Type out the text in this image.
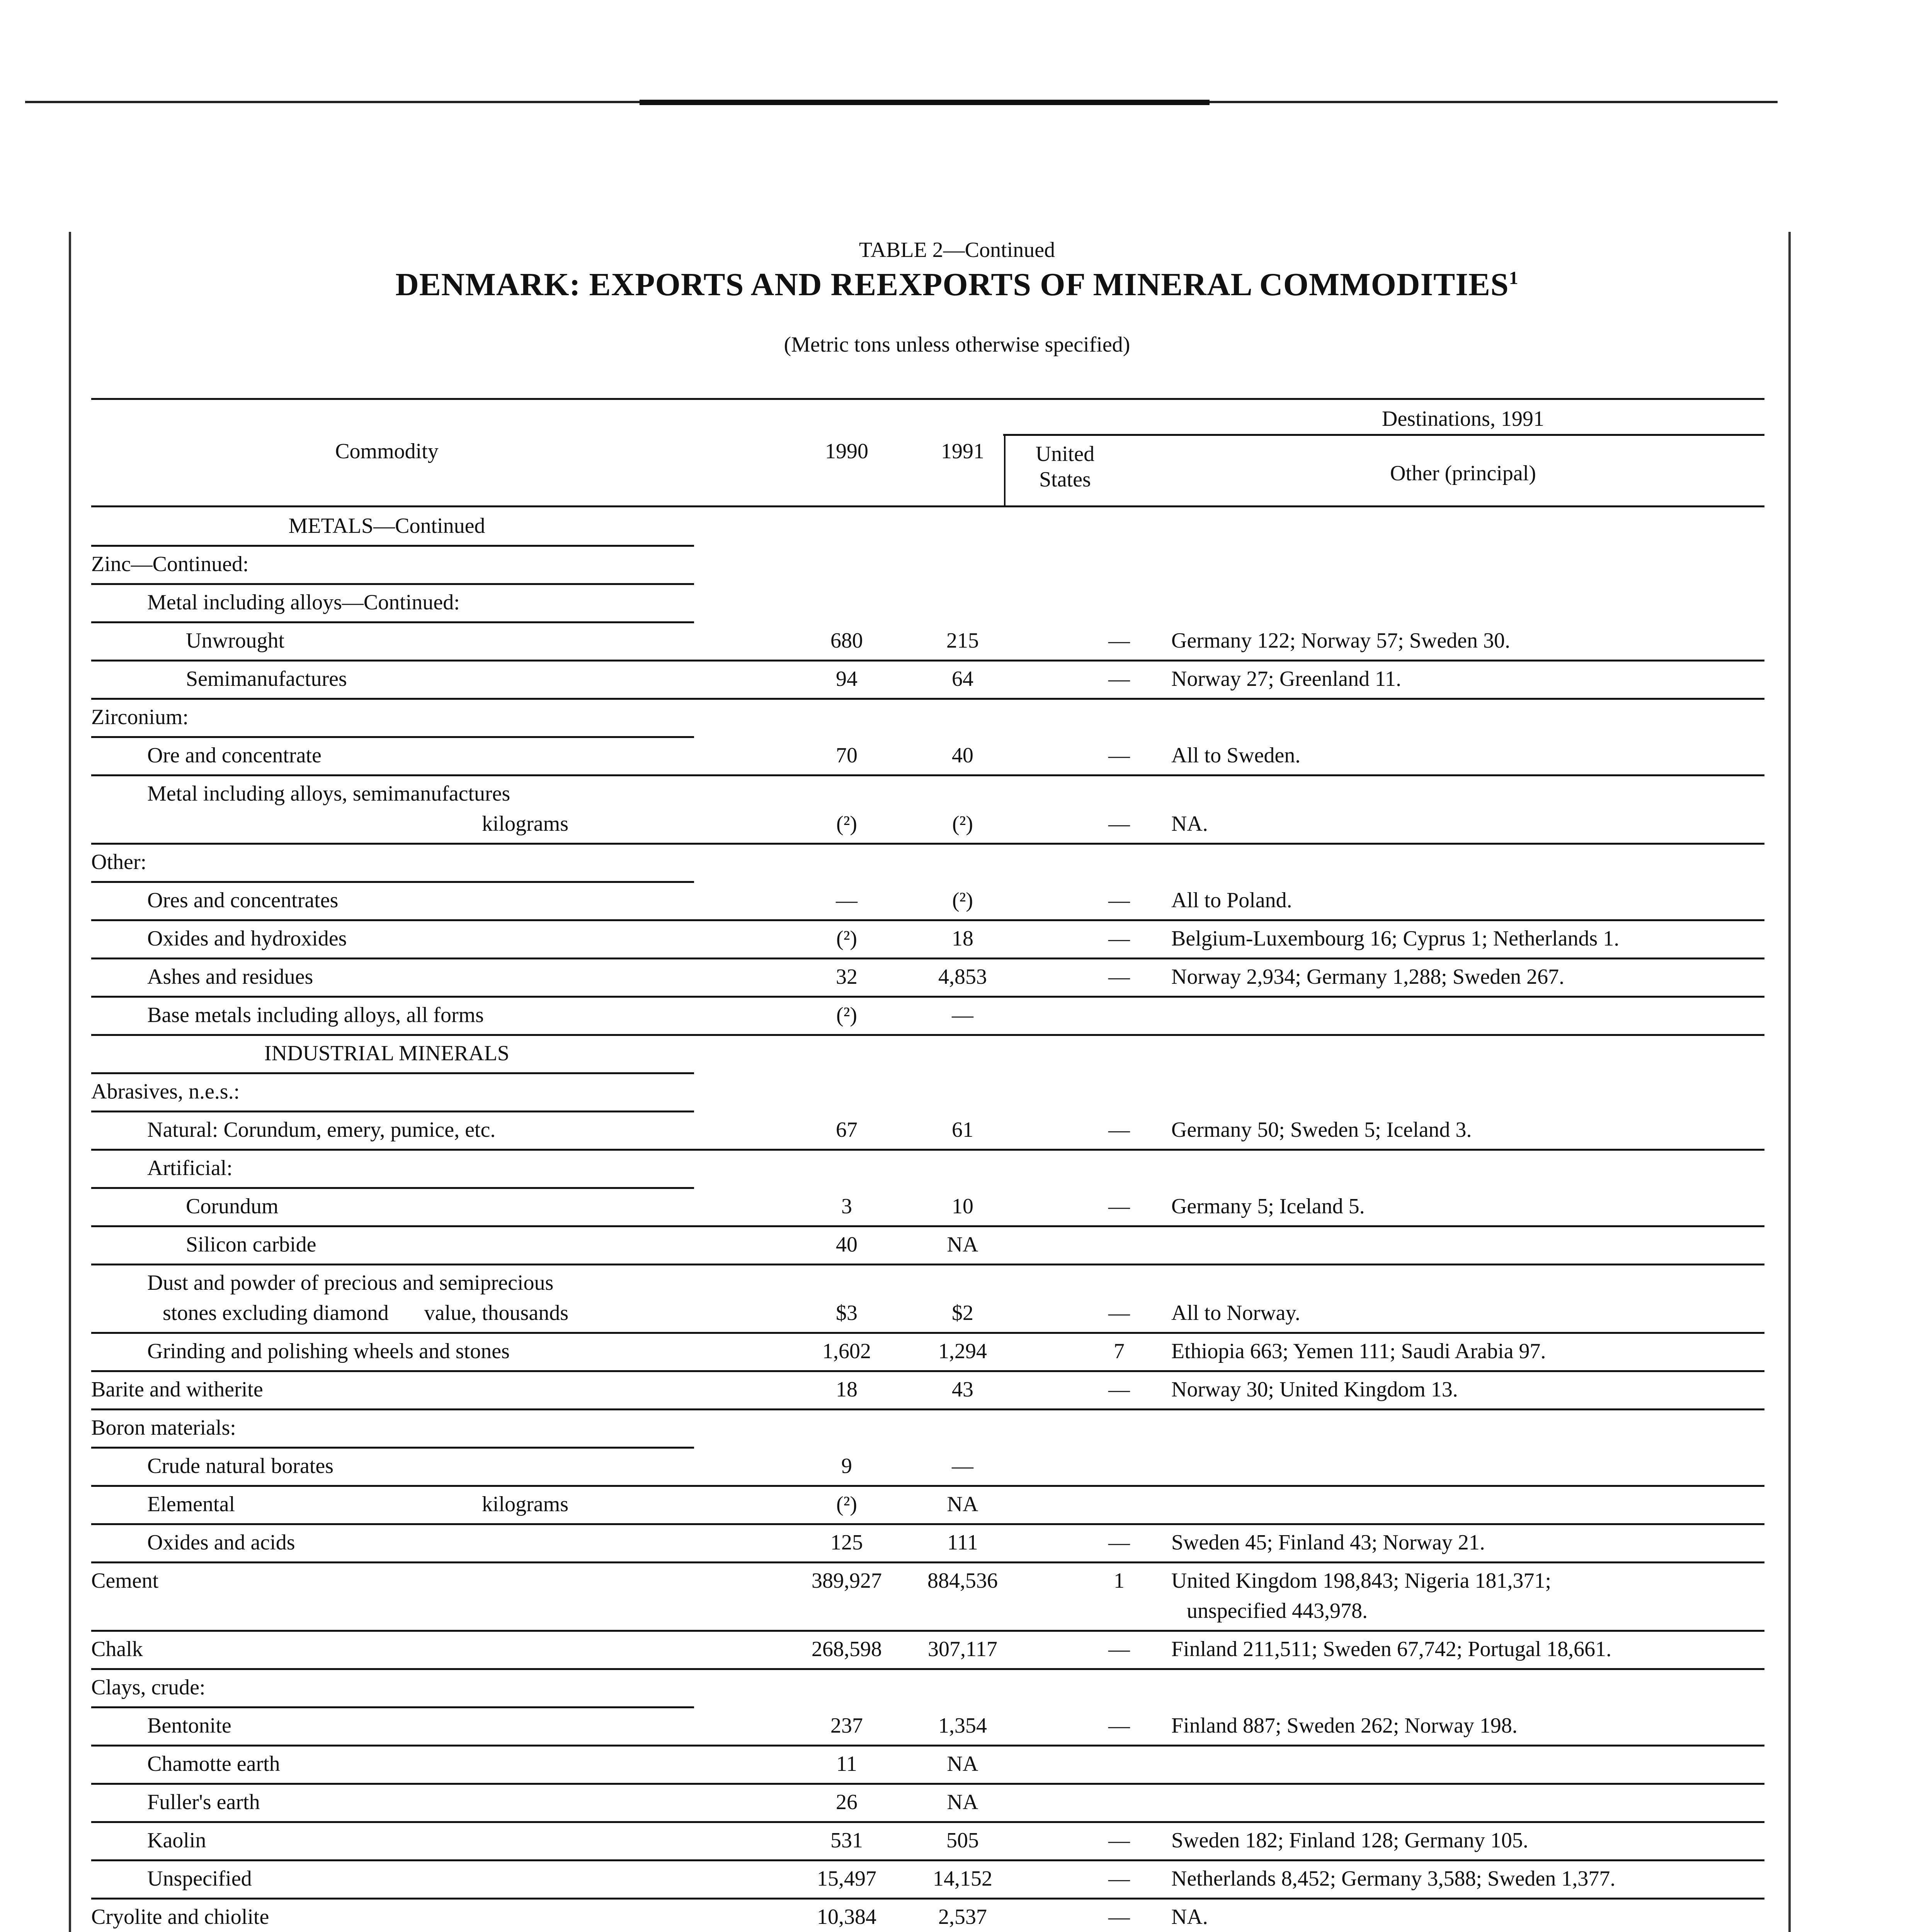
TABLE 2—Continued
DENMARK: EXPORTS AND REEXPORTS OF MINERAL COMMODITIES$^1$
(Metric tons unless otherwise specified)
Commodity	1990	1991
Destinations, 1991
United
States	Other (principal)
METALS—Continued
Zinc—Continued:
Metal including alloys—Continued:
Unwrought	680	215	—	Germany 122; Norway 57; Sweden 30.
Semimanufactures	94	64	—	Norway 27; Greenland 11.
Zirconium:
Ore and concentrate	70	40	—	All to Sweden.
Metal including alloys, semimanufactures
kilograms	(²)	(²)	—	NA.
Other:
Ores and concentrates	—	(²)	—	All to Poland.
Oxides and hydroxides	(²)	18	—	Belgium-Luxembourg 16; Cyprus 1; Netherlands 1.
Ashes and residues	32	4,853	—	Norway 2,934; Germany 1,288; Sweden 267.
Base metals including alloys, all forms	(²)	—
INDUSTRIAL MINERALS
Abrasives, n.e.s.:
Natural: Corundum, emery, pumice, etc.	67	61	—	Germany 50; Sweden 5; Iceland 3.
Artificial:
Corundum	3	10	—	Germany 5; Iceland 5.
Silicon carbide	40	NA
Dust and powder of precious and semiprecious
stones excluding diamond value, thousands	$3	$2	—	All to Norway.
Grinding and polishing wheels and stones	1,602	1,294	7	Ethiopia 663; Yemen 111; Saudi Arabia 97.
Barite and witherite	18	43	—	Norway 30; United Kingdom 13.
Boron materials:
Crude natural borates	9	—
Elemental	kilograms	(²)	NA
Oxides and acids	125	111	—	Sweden 45; Finland 43; Norway 21.
Cement	389,927	884,536	1	United Kingdom 198,843; Nigeria 181,371;
unspecified 443,978.
Chalk	268,598	307,117	—	Finland 211,511; Sweden 67,742; Portugal 18,661.
Clays, crude:
Bentonite	237	1,354	—	Finland 887; Sweden 262; Norway 198.
Chamotte earth	11	NA
Fuller's earth	26	NA
Kaolin	531	505	—	Sweden 182; Finland 128; Germany 105.
Unspecified	15,497	14,152	—	Netherlands 8,452; Germany 3,588; Sweden 1,377.
Cryolite and chiolite	10,384	2,537	—	NA.
